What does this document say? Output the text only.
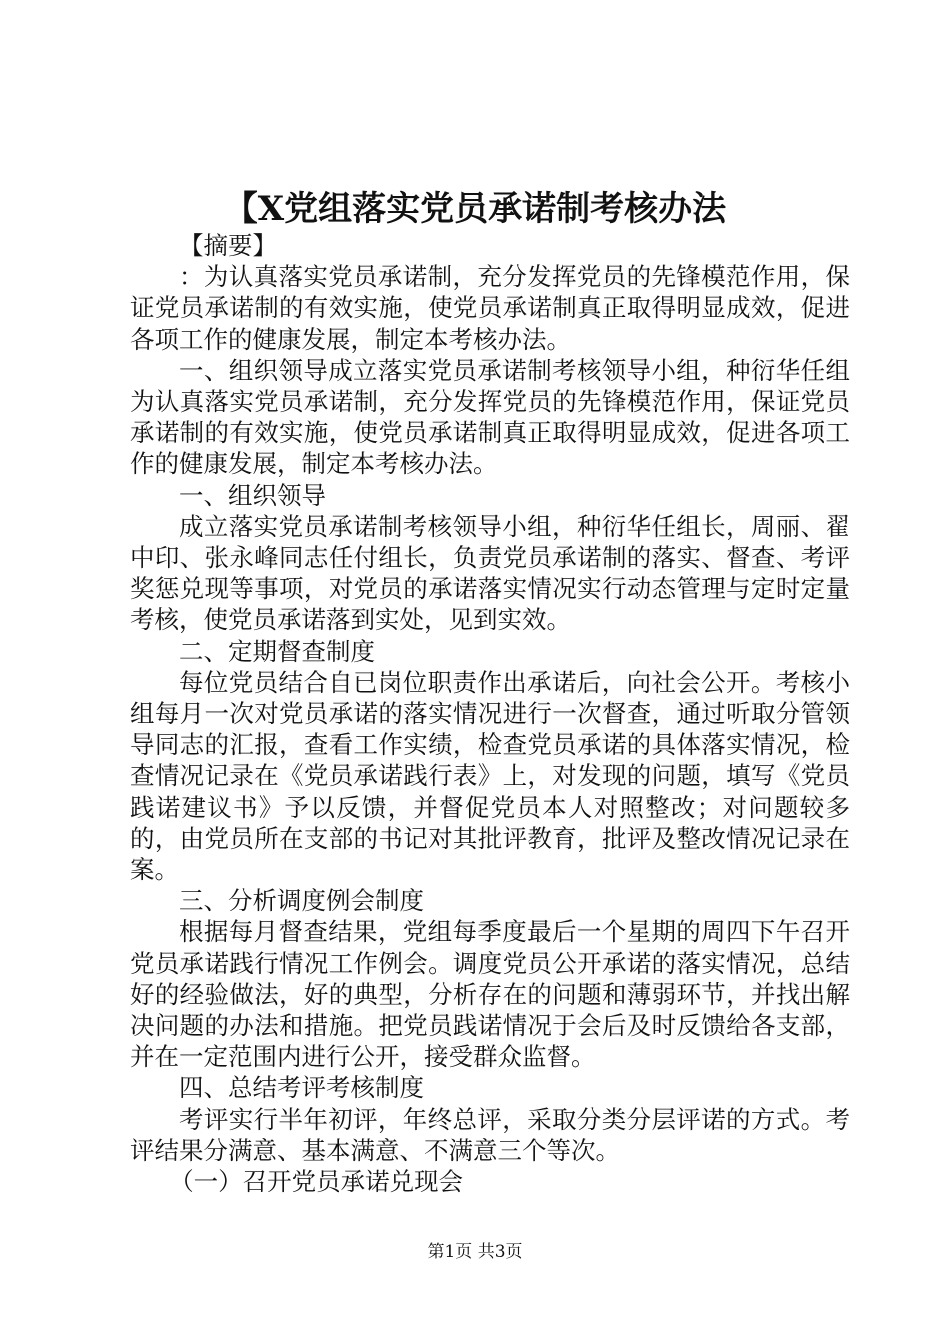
【X党组落实党员承诺制考核办法

【摘要】

：为认真落实党员承诺制，充分发挥党员的先锋模范作用，保证党员承诺制的有效实施，使党员承诺制真正取得明显成效，促进各项工作的健康发展，制定本考核办法。

一、组织领导成立落实党员承诺制考核领导小组，种衍华任组为认真落实党员承诺制，充分发挥党员的先锋模范作用，保证党员承诺制的有效实施，使党员承诺制真正取得明显成效，促进各项工作的健康发展，制定本考核办法。

一、组织领导

成立落实党员承诺制考核领导小组，种衍华任组长，周丽、翟中印、张永峰同志任付组长，负责党员承诺制的落实、督查、考评奖惩兑现等事项，对党员的承诺落实情况实行动态管理与定时定量考核，使党员承诺落到实处，见到实效。

二、定期督查制度

每位党员结合自已岗位职责作出承诺后，向社会公开。考核小组每月一次对党员承诺的落实情况进行一次督查，通过听取分管领导同志的汇报，查看工作实绩，检查党员承诺的具体落实情况，检查情况记录在《党员承诺践行表》上，对发现的问题，填写《党员践诺建议书》予以反馈，并督促党员本人对照整改；对问题较多的，由党员所在支部的书记对其批评教育，批评及整改情况记录在案。

三、分析调度例会制度

根据每月督查结果，党组每季度最后一个星期的周四下午召开党员承诺践行情况工作例会。调度党员公开承诺的落实情况，总结好的经验做法，好的典型，分析存在的问题和薄弱环节，并找出解决问题的办法和措施。把党员践诺情况于会后及时反馈给各支部，并在一定范围内进行公开，接受群众监督。

四、总结考评考核制度

考评实行半年初评，年终总评，采取分类分层评诺的方式。考评结果分满意、基本满意、不满意三个等次。

（一）召开党员承诺兑现会

第1页 共3页
